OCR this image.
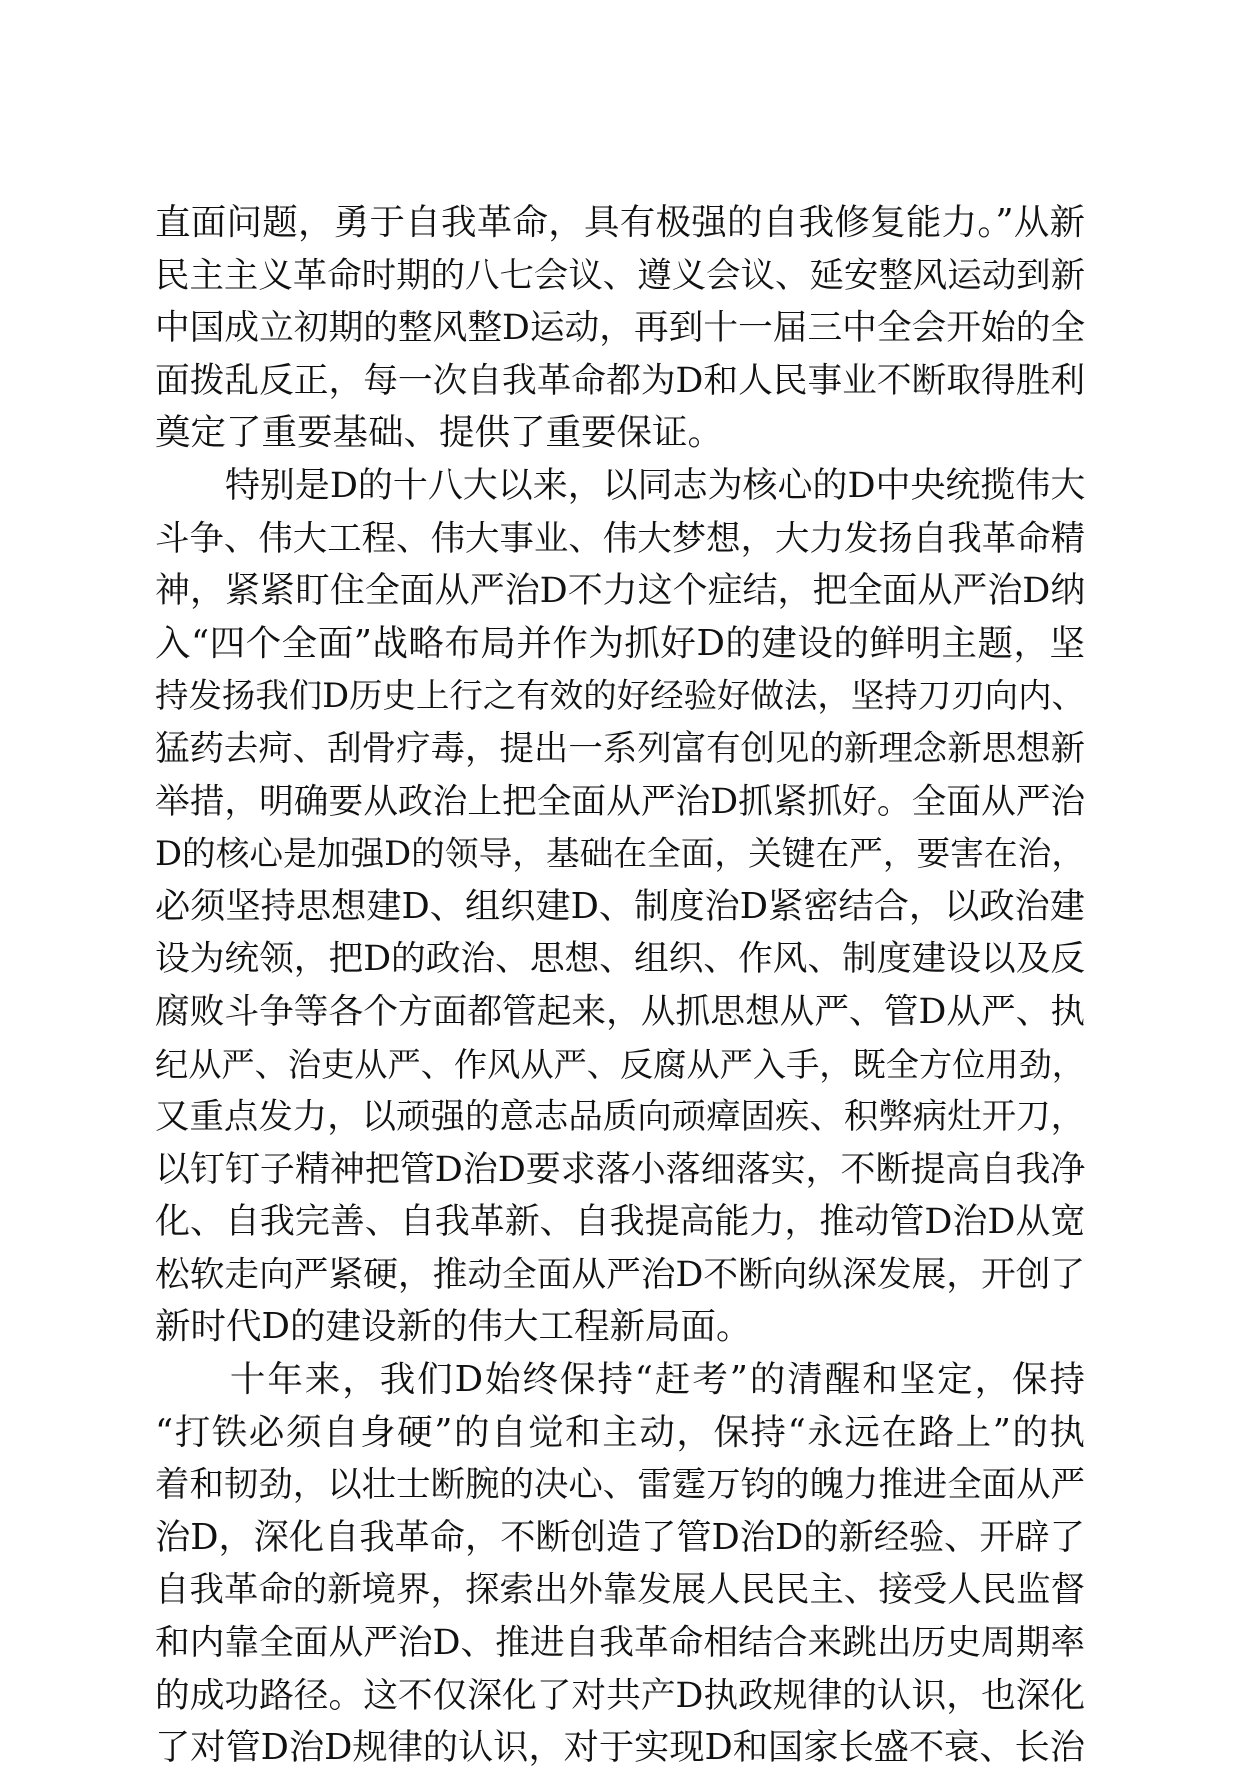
直面问题，勇于自我革命，具有极强的自我修复能力。”从新
民主主义革命时期的八七会议、遵义会议、延安整风运动到新
中国成立初期的整风整D运动，再到十一届三中全会开始的全
面拨乱反正，每一次自我革命都为D和人民事业不断取得胜利
奠定了重要基础、提供了重要保证。
　　特别是D的十八大以来，以同志为核心的D中央统揽伟大
斗争、伟大工程、伟大事业、伟大梦想，大力发扬自我革命精
神，紧紧盯住全面从严治D不力这个症结，把全面从严治D纳
入“四个全面”战略布局并作为抓好D的建设的鲜明主题，坚
持发扬我们D历史上行之有效的好经验好做法，坚持刀刃向内、
猛药去疴、刮骨疗毒，提出一系列富有创见的新理念新思想新
举措，明确要从政治上把全面从严治D抓紧抓好。全面从严治
D的核心是加强D的领导，基础在全面，关键在严，要害在治，
必须坚持思想建D、组织建D、制度治D紧密结合，以政治建
设为统领，把D的政治、思想、组织、作风、制度建设以及反
腐败斗争等各个方面都管起来，从抓思想从严、管D从严、执
纪从严、治吏从严、作风从严、反腐从严入手，既全方位用劲，
又重点发力，以顽强的意志品质向顽瘴固疾、积弊病灶开刀，
以钉钉子精神把管D治D要求落小落细落实，不断提高自我净
化、自我完善、自我革新、自我提高能力，推动管D治D从宽
松软走向严紧硬，推动全面从严治D不断向纵深发展，开创了
新时代D的建设新的伟大工程新局面。
　　十年来，我们D始终保持“赶考”的清醒和坚定，保持
“打铁必须自身硬”的自觉和主动，保持“永远在路上”的执
着和韧劲，以壮士断腕的决心、雷霆万钧的魄力推进全面从严
治D，深化自我革命，不断创造了管D治D的新经验、开辟了
自我革命的新境界，探索出外靠发展人民民主、接受人民监督
和内靠全面从严治D、推进自我革命相结合来跳出历史周期率
的成功路径。这不仅深化了对共产D执政规律的认识，也深化
了对管D治D规律的认识，对于实现D和国家长盛不衰、长治
